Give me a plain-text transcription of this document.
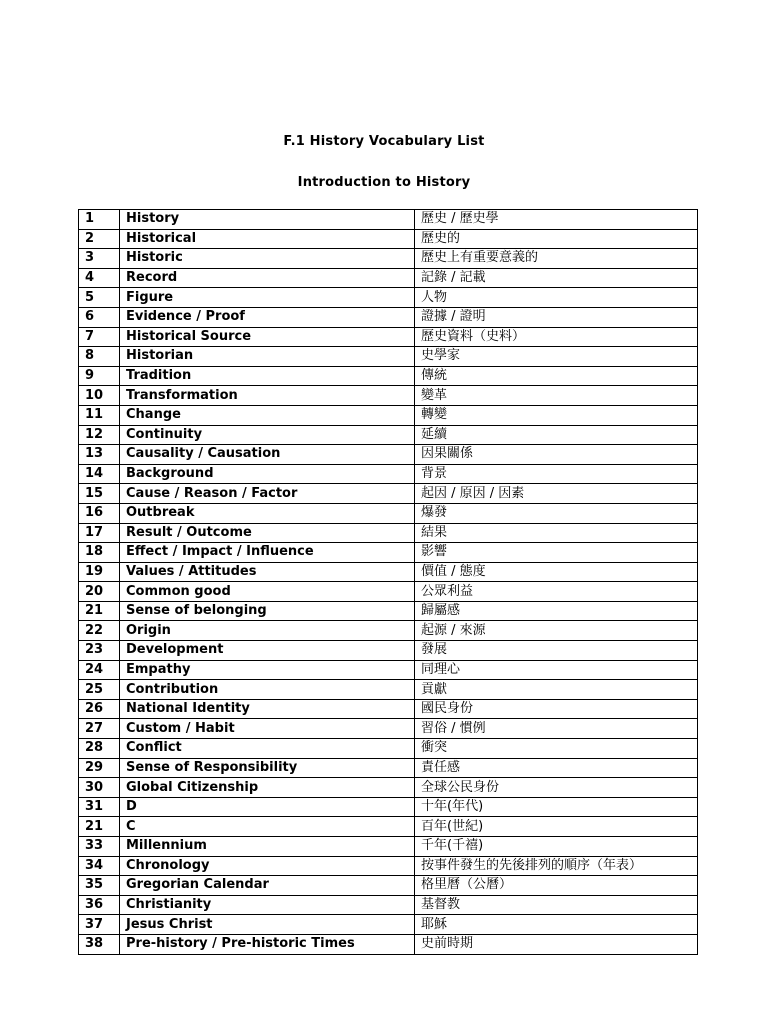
F.1 History Vocabulary List
Introduction to History
1	History	歷史 / 歷史學
2	Historical	歷史的
3	Historic	歷史上有重要意義的
4	Record	記錄 / 記載
5	Figure	人物
6	Evidence / Proof	證據 / 證明
7	Historical Source	歷史資料（史料）
8	Historian	史學家
9	Tradition	傳統
10	Transformation	變革
11	Change	轉變
12	Continuity	延續
13	Causality / Causation	因果關係
14	Background	背景
15	Cause / Reason / Factor	起因 / 原因 / 因素
16	Outbreak	爆發
17	Result / Outcome	結果
18	Effect / Impact / Influence	影響
19	Values / Attitudes	價值 / 態度
20	Common good	公眾利益
21	Sense of belonging	歸屬感
22	Origin	起源 / 來源
23	Development	發展
24	Empathy	同理心
25	Contribution	貢獻
26	National Identity	國民身份
27	Custom / Habit	習俗 / 慣例
28	Conflict	衝突
29	Sense of Responsibility	責任感
30	Global Citizenship	全球公民身份
31	D	十年(年代)
21	C	百年(世紀)
33	Millennium	千年(千禧)
34	Chronology	按事件發生的先後排列的順序（年表）
35	Gregorian Calendar	格里曆（公曆）
36	Christianity	基督教
37	Jesus Christ	耶穌
38	Pre-history / Pre-historic Times	史前時期
